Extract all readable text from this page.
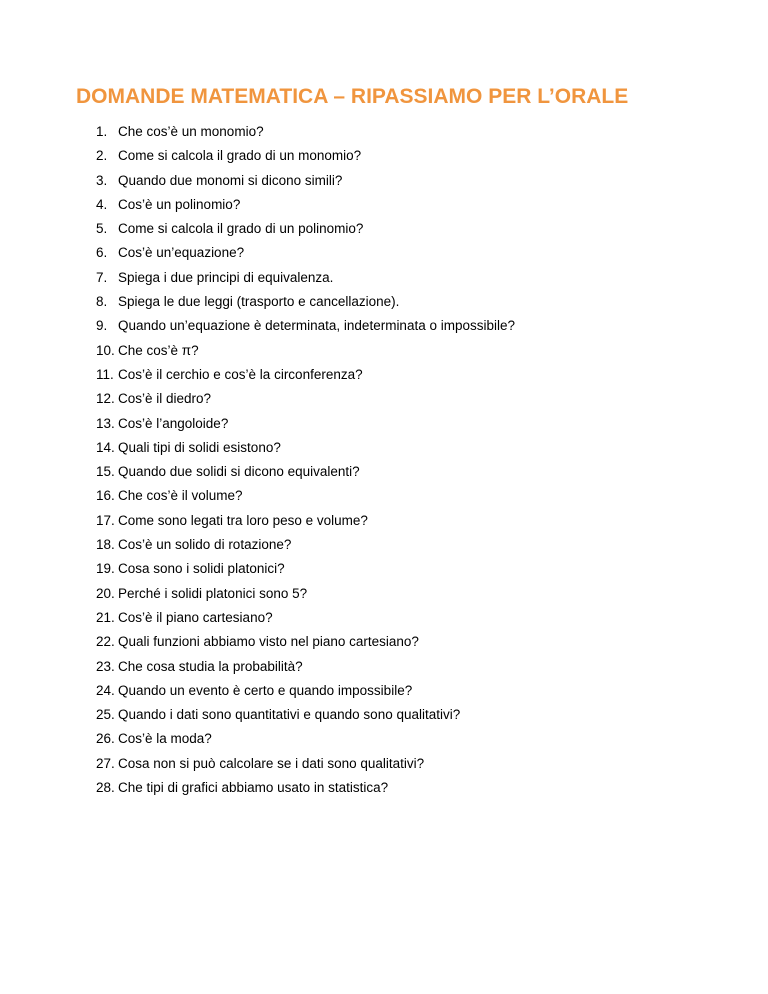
DOMANDE MATEMATICA – RIPASSIAMO PER L’ORALE
1. Che cos’è un monomio?
2. Come si calcola il grado di un monomio?
3. Quando due monomi si dicono simili?
4. Cos’è un polinomio?
5. Come si calcola il grado di un polinomio?
6. Cos’è un’equazione?
7. Spiega i due principi di equivalenza.
8. Spiega le due leggi (trasporto e cancellazione).
9. Quando un’equazione è determinata, indeterminata o impossibile?
10. Che cos’è π?
11. Cos’è il cerchio e cos’è la circonferenza?
12. Cos’è il diedro?
13. Cos’è l’angoloide?
14. Quali tipi di solidi esistono?
15. Quando due solidi si dicono equivalenti?
16. Che cos’è il volume?
17. Come sono legati tra loro peso e volume?
18. Cos’è un solido di rotazione?
19. Cosa sono i solidi platonici?
20. Perché i solidi platonici sono 5?
21. Cos’è il piano cartesiano?
22. Quali funzioni abbiamo visto nel piano cartesiano?
23. Che cosa studia la probabilità?
24. Quando un evento è certo e quando impossibile?
25. Quando i dati sono quantitativi e quando sono qualitativi?
26. Cos’è la moda?
27. Cosa non si può calcolare se i dati sono qualitativi?
28. Che tipi di grafici abbiamo usato in statistica?
